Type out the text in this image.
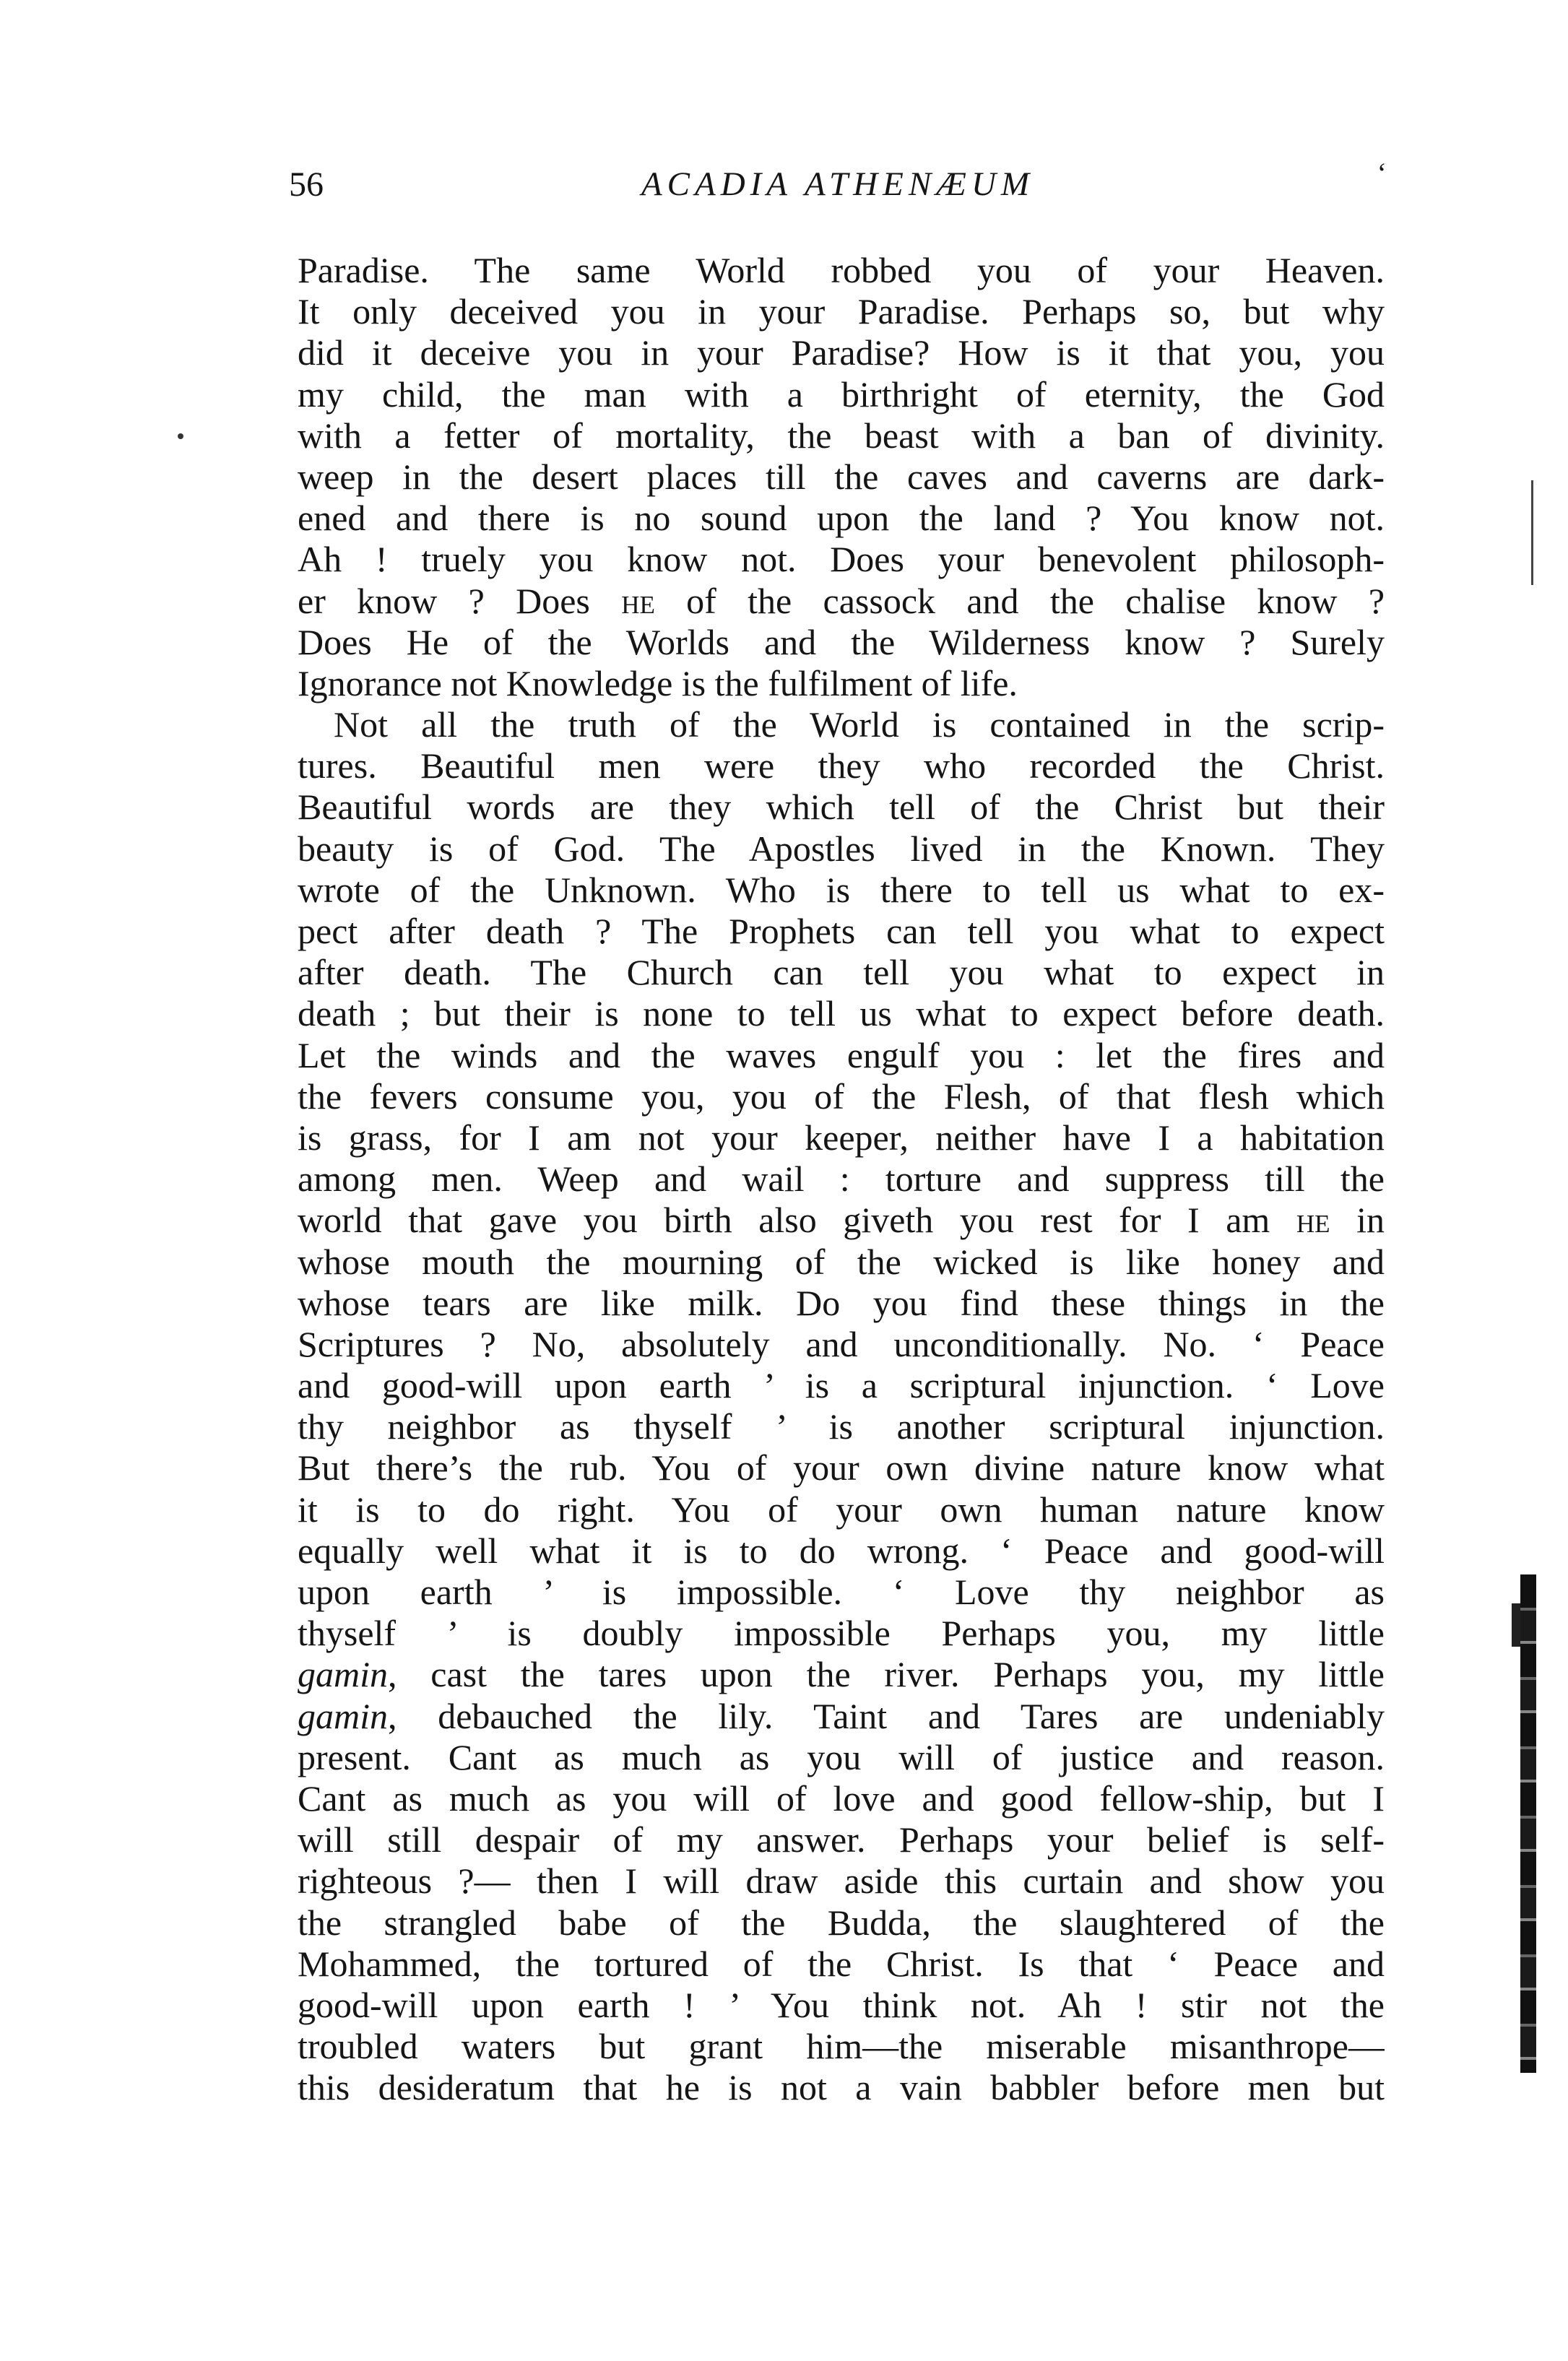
56	ACADIA ATHENÆUM	‘
Paradise. The same World robbed you of your Heaven.
It only deceived you in your Paradise. Perhaps so, but why
did it deceive you in your Paradise? How is it that you, you
my child, the man with a birthright of eternity, the God
with a fetter of mortality, the beast with a ban of divinity.
weep in the desert places till the caves and caverns are dark-
ened and there is no sound upon the land ? You know not.
Ah ! truely you know not. Does your benevolent philosoph-
er know ? Does he of the cassock and the chalise know ?
Does He of the Worlds and the Wilderness know ? Surely
Ignorance not Knowledge is the fulfilment of life.
 Not all the truth of the World is contained in the scrip-
tures. Beautiful men were they who recorded the Christ.
Beautiful words are they which tell of the Christ but their
beauty is of God. The Apostles lived in the Known. They
wrote of the Unknown. Who is there to tell us what to ex-
pect after death ? The Prophets can tell you what to expect
after death. The Church can tell you what to expect in
death ; but their is none to tell us what to expect before death.
Let the winds and the waves engulf you : let the fires and
the fevers consume you, you of the Flesh, of that flesh which
is grass, for I am not your keeper, neither have I a habitation
among men. Weep and wail : torture and suppress till the
world that gave you birth also giveth you rest for I am he in
whose mouth the mourning of the wicked is like honey and
whose tears are like milk. Do you find these things in the
Scriptures ? No, absolutely and unconditionally. No. ‘ Peace
and good-will upon earth ’ is a scriptural injunction. ‘ Love
thy neighbor as thyself ’ is another scriptural injunction.
But there’s the rub. You of your own divine nature know what
it is to do right. You of your own human nature know
equally well what it is to do wrong. ‘ Peace and good-will
upon earth ’ is impossible. ‘ Love thy neighbor as
thyself ’ is doubly impossible Perhaps you, my little
gamin, cast the tares upon the river. Perhaps you, my little
gamin, debauched the lily. Taint and Tares are undeniably
present. Cant as much as you will of justice and reason.
Cant as much as you will of love and good fellow-ship, but I
will still despair of my answer. Perhaps your belief is self-
righteous ?— then I will draw aside this curtain and show you
the strangled babe of the Budda, the slaughtered of the
Mohammed, the tortured of the Christ. Is that ‘ Peace and
good-will upon earth ! ’ You think not. Ah ! stir not the
troubled waters but grant him—the miserable misanthrope—
this desideratum that he is not a vain babbler before men but
